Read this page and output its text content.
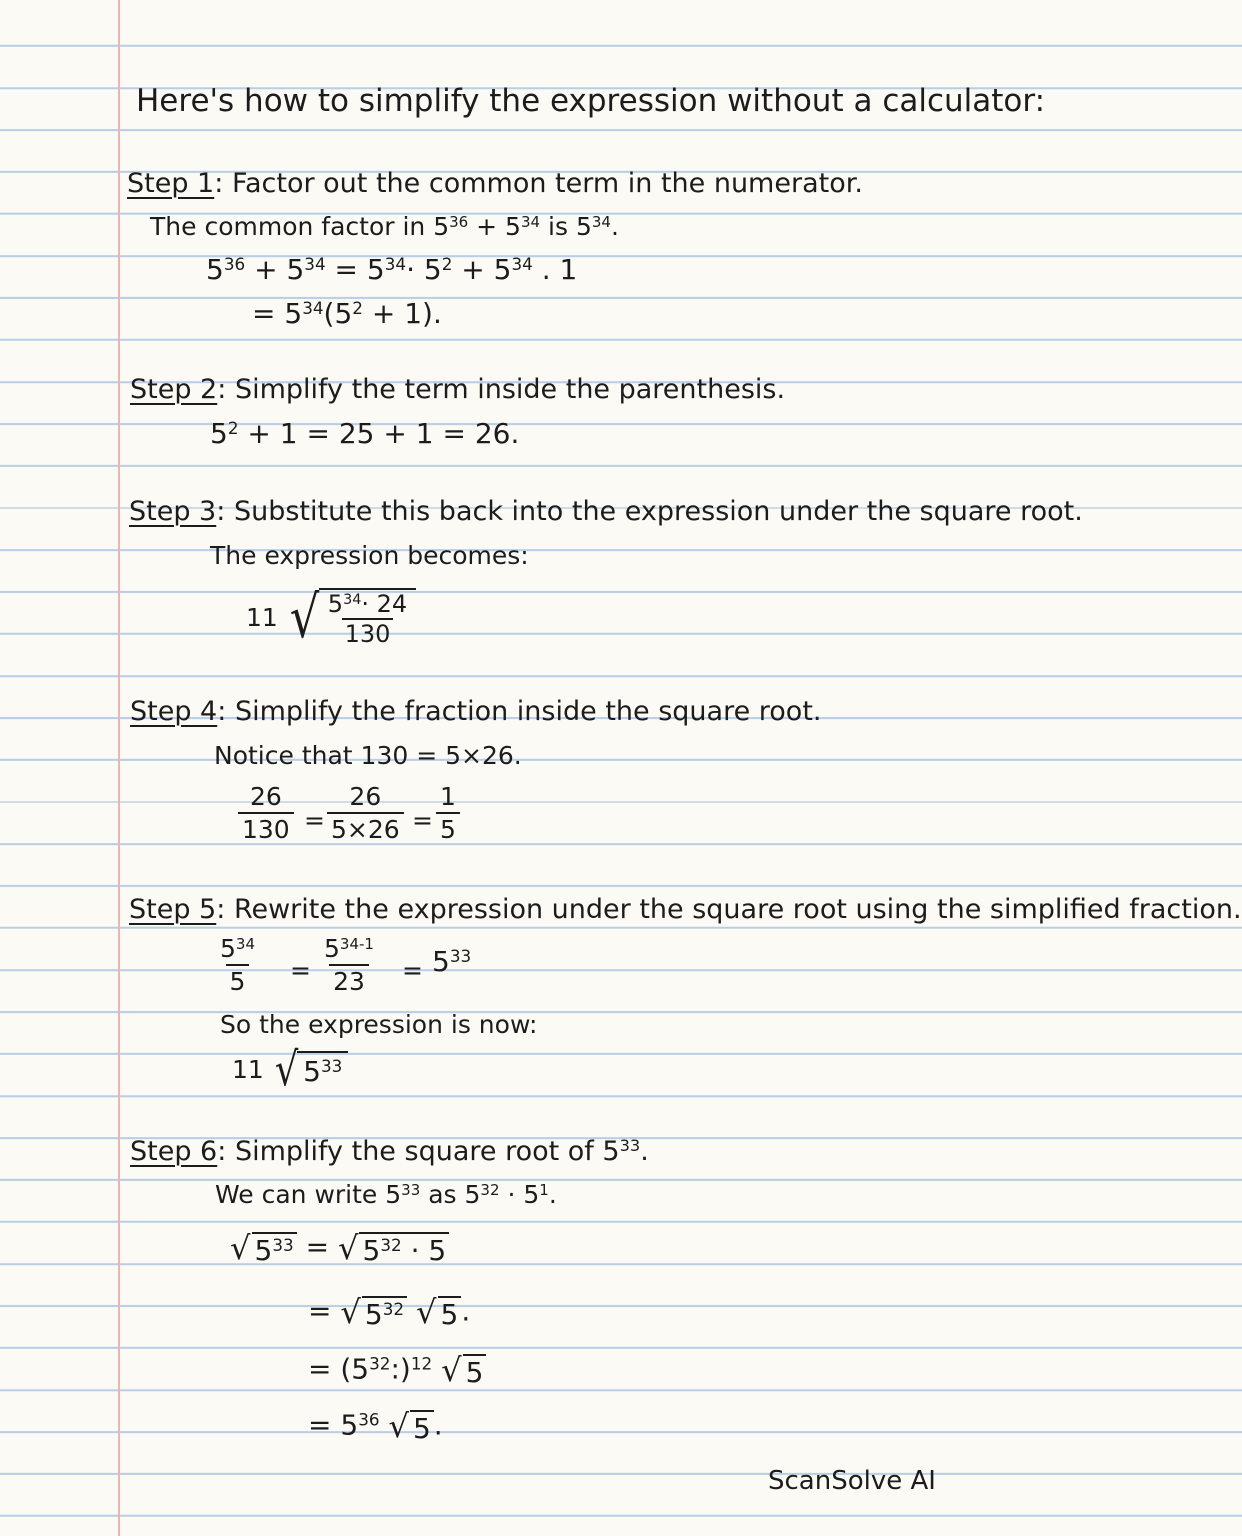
Here's how to simplify the expression without a calculator:
Step 1: Factor out the common term in the numerator.
The common factor in $5^{36} + 5^{34}$ is $5^{34}$.
$5^{36} + 5^{34} = 5^{34}\cdot 5^2 + 5^{34}$ . 1
= $5^{34}(5^2 + 1)$.
Step 2: Simplify the term inside the parenthesis.
$5^2 + 1 = 25 + 1 = 26$.
Step 3: Substitute this back into the expression under the square root.
The expression becomes:
11 √ $\frac{5^{34}\cdot 24}{130}$
Step 4: Simplify the fraction inside the square root.
Notice that 130 = 5×26.
$\frac{26}{130} = \frac{26}{5\times 26} = \frac{1}{5}$
Step 5: Rewrite the expression under the square root using the simplified fraction.
$\frac{5^{34}}{5} = \frac{5^{34-1}}{23} = 5^{33}$
So the expression is now:
11 √ $5^{33}$
Step 6: Simplify the square root of $5^{33}$.
We can write $5^{33}$ as $5^{32} \cdot 5^1$.
√ $5^{33}$ = √ $5^{32} \cdot 5$
= √ $5^{32}$
√ 5 .
= $(5^{32}:)^{12}$ √ 5
= $5^{36}$ √ 5 .
ScanSolve AI
